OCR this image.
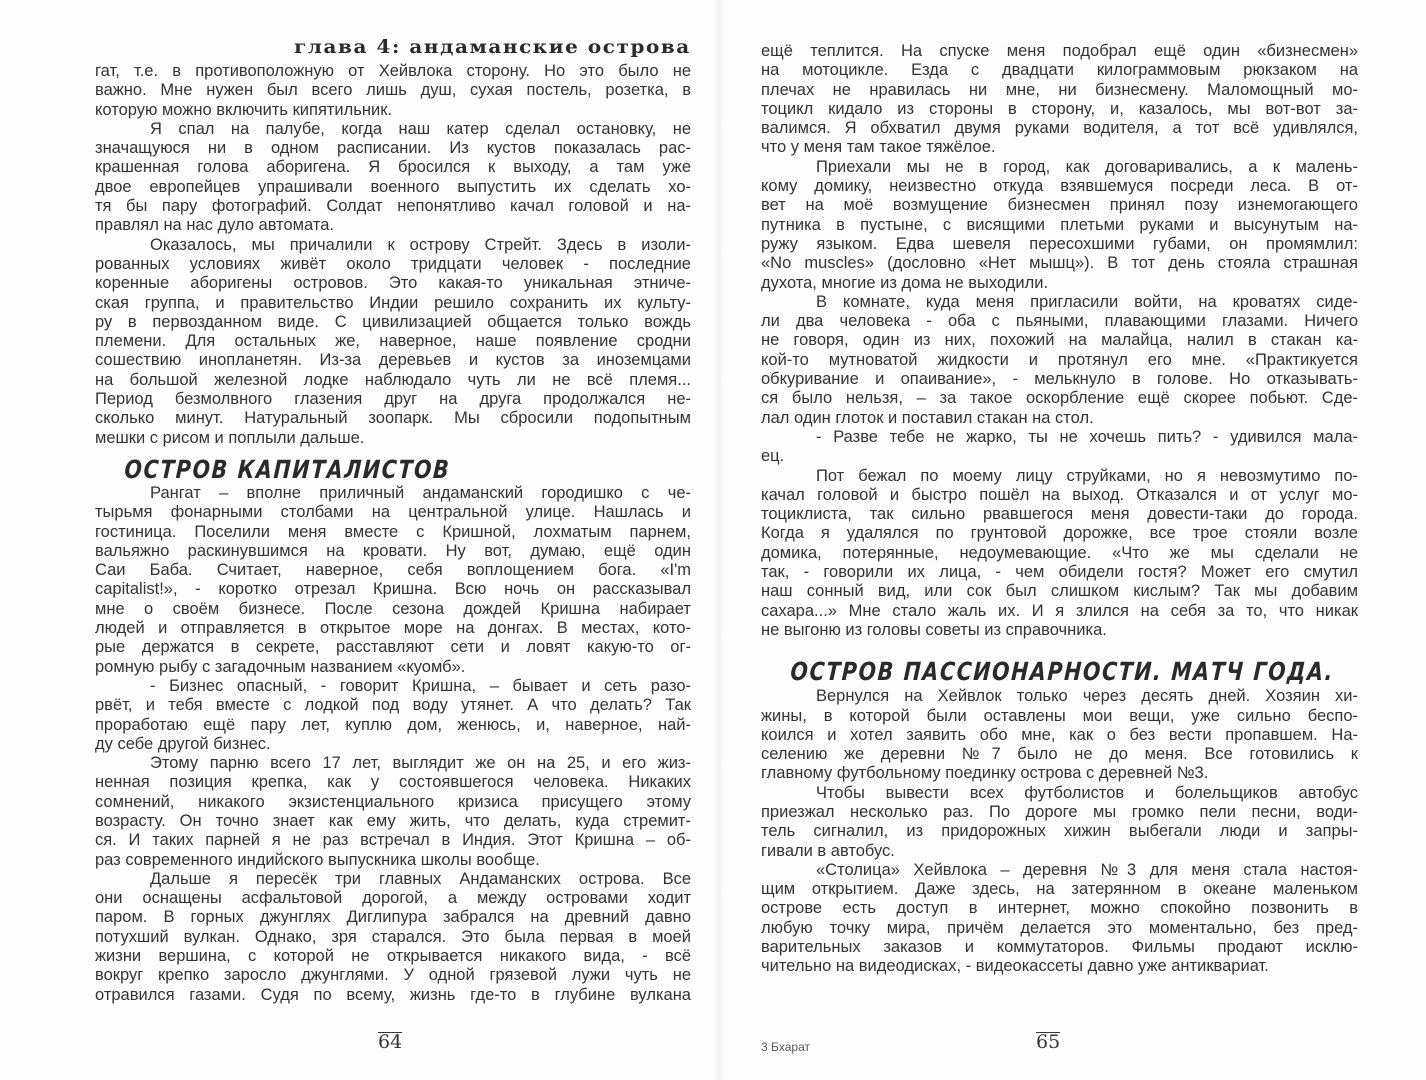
глава 4: андаманские острова
гат, т.е. в противоположную от Хейвлока сторону. Но это было не
важно. Мне нужен был всего лишь душ, сухая постель, розетка, в
которую можно включить кипятильник.
Я спал на палубе, когда наш катер сделал остановку, не
значащуюся ни в одном расписании. Из кустов показалась рас-
крашенная голова аборигена. Я бросился к выходу, а там уже
двое европейцев упрашивали военного выпустить их сделать хо-
тя бы пару фотографий. Солдат непонятливо качал головой и на-
правлял на нас дуло автомата.
Оказалось, мы причалили к острову Стрейт. Здесь в изоли-
рованных условиях живёт около тридцати человек - последние
коренные аборигены островов. Это какая-то уникальная этниче-
ская группа, и правительство Индии решило сохранить их культу-
ру в первозданном виде. С цивилизацией общается только вождь
племени. Для остальных же, наверное, наше появление сродни
сошествию инопланетян. Из-за деревьев и кустов за иноземцами
на большой железной лодке наблюдало чуть ли не всё племя...
Период безмолвного глазения друг на друга продолжался не-
сколько минут. Натуральный зоопарк. Мы сбросили подопытным
мешки с рисом и поплыли дальше.
ОСТРОВ КАПИТАЛИСТОВ
Рангат – вполне приличный андаманский городишко с че-
тырьмя фонарными столбами на центральной улице. Нашлась и
гостиница. Поселили меня вместе с Кришной, лохматым парнем,
вальяжно раскинувшимся на кровати. Ну вот, думаю, ещё один
Саи Баба. Считает, наверное, себя воплощением бога. «I'm
capitalist!», - коротко отрезал Кришна. Всю ночь он рассказывал
мне о своём бизнесе. После сезона дождей Кришна набирает
людей и отправляется в открытое море на донгах. В местах, кото-
рые держатся в секрете, расставляют сети и ловят какую-то ог-
ромную рыбу с загадочным названием «куомб».
- Бизнес опасный, - говорит Кришна, – бывает и сеть разо-
рвёт, и тебя вместе с лодкой под воду утянет. А что делать? Так
проработаю ещё пару лет, куплю дом, женюсь, и, наверное, най-
ду себе другой бизнес.
Этому парню всего 17 лет, выглядит же он на 25, и его жиз-
ненная позиция крепка, как у состоявшегося человека. Никаких
сомнений, никакого экзистенциального кризиса присущего этому
возрасту. Он точно знает как ему жить, что делать, куда стремит-
ся. И таких парней я не раз встречал в Индия. Этот Кришна – об-
раз современного индийского выпускника школы вообще.
Дальше я пересёк три главных Андаманских острова. Все
они оснащены асфальтовой дорогой, а между островами ходит
паром. В горных джунглях Диглипура забрался на древний давно
потухший вулкан. Однако, зря старался. Это была первая в моей
жизни вершина, с которой не открывается никакого вида, - всё
вокруг крепко заросло джунглями. У одной грязевой лужи чуть не
отравился газами. Судя по всему, жизнь где-то в глубине вулкана
64
ещё теплится. На спуске меня подобрал ещё один «бизнесмен»
на мотоцикле. Езда с двадцати килограммовым рюкзаком на
плечах не нравилась ни мне, ни бизнесмену. Маломощный мо-
тоцикл кидало из стороны в сторону, и, казалось, мы вот-вот за-
валимся. Я обхватил двумя руками водителя, а тот всё удивлялся,
что у меня там такое тяжёлое.
Приехали мы не в город, как договаривались, а к малень-
кому домику, неизвестно откуда взявшемуся посреди леса. В от-
вет на моё возмущение бизнесмен принял позу изнемогающего
путника в пустыне, с висящими плетьми руками и высунутым на-
ружу языком. Едва шевеля пересохшими губами, он промямлил:
«No muscles» (дословно «Нет мышц»). В тот день стояла страшная
духота, многие из дома не выходили.
В комнате, куда меня пригласили войти, на кроватях сиде-
ли два человека - оба с пьяными, плавающими глазами. Ничего
не говоря, один из них, похожий на малайца, налил в стакан ка-
кой-то мутноватой жидкости и протянул его мне. «Практикуется
обкуривание и опаивание», - мелькнуло в голове. Но отказывать-
ся было нельзя, – за такое оскорбление ещё скорее побьют. Сде-
лал один глоток и поставил стакан на стол.
- Разве тебе не жарко, ты не хочешь пить? - удивился мала-
ец.
Пот бежал по моему лицу струйками, но я невозмутимо по-
качал головой и быстро пошёл на выход. Отказался и от услуг мо-
тоциклиста, так сильно рвавшегося меня довести-таки до города.
Когда я удалялся по грунтовой дорожке, все трое стояли возле
домика, потерянные, недоумевающие. «Что же мы сделали не
так, - говорили их лица, - чем обидели гостя? Может его смутил
наш сонный вид, или сок был слишком кислым? Так мы добавим
сахара...» Мне стало жаль их. И я злился на себя за то, что никак
не выгоню из головы советы из справочника.
ОСТРОВ ПАССИОНАРНОСТИ. МАТЧ ГОДА.
Вернулся на Хейвлок только через десять дней. Хозяин хи-
жины, в которой были оставлены мои вещи, уже сильно беспо-
коился и хотел заявить обо мне, как о без вести пропавшем. На-
селению же деревни №7 было не до меня. Все готовились к
главному футбольному поединку острова с деревней №3.
Чтобы вывести всех футболистов и болельщиков автобус
приезжал несколько раз. По дороге мы громко пели песни, води-
тель сигналил, из придорожных хижин выбегали люди и запры-
гивали в автобус.
«Столица» Хейвлока – деревня №3 для меня стала настоя-
щим открытием. Даже здесь, на затерянном в океане маленьком
острове есть доступ в интернет, можно спокойно позвонить в
любую точку мира, причём делается это моментально, без пред-
варительных заказов и коммутаторов. Фильмы продают исклю-
чительно на видеодисках, - видеокассеты давно уже антиквариат.
3 Бхарат	65
